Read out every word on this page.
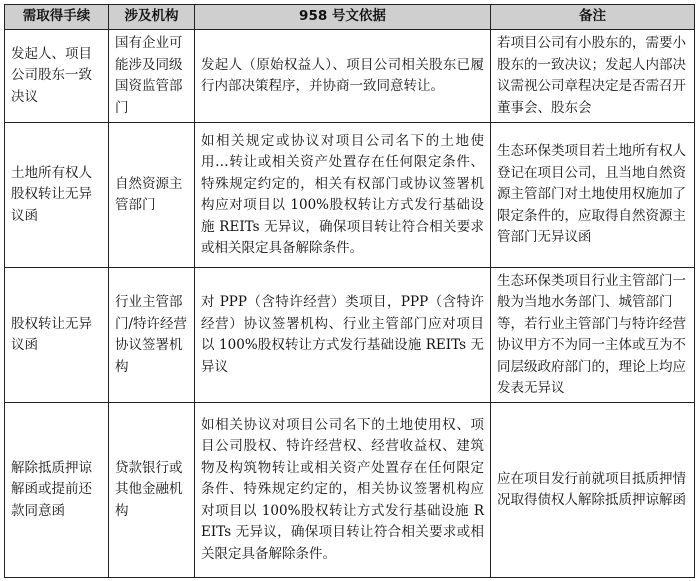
需取得手续	涉及机构	958 号文依据	备注
发起人、项目公司股东一致决议	国有企业可能涉及同级国资监管部门	发起人（原始权益人）、项目公司相关股东已履行内部决策程序，并协商一致同意转让。	若项目公司有小股东的，需要小股东的一致决议；发起人内部决议需视公司章程决定是否需召开董事会、股东会
土地所有权人股权转让无异议函	自然资源主管部门	如相关规定或协议对项目公司名下的土地使用…转让或相关资产处置存在任何限定条件、特殊规定约定的，相关有权部门或协议签署机构应对项目以 100%股权转让方式发行基础设施 REITs 无异议，确保项目转让符合相关要求或相关限定具备解除条件。	生态环保类项目若土地所有权人登记在项目公司，且当地自然资源主管部门对土地使用权施加了限定条件的，应取得自然资源主管部门无异议函
股权转让无异议函	行业主管部门/特许经营协议签署机构	对 PPP（含特许经营）类项目，PPP（含特许经营）协议签署机构、行业主管部门应对项目以 100%股权转让方式发行基础设施 REITs 无异议	生态环保类项目行业主管部门一般为当地水务部门、城管部门等，若行业主管部门与特许经营协议甲方不为同一主体或互为不同层级政府部门的，理论上均应发表无异议
解除抵质押谅解函或提前还款同意函	贷款银行或其他金融机构	如相关协议对项目公司名下的土地使用权、项目公司股权、特许经营权、经营收益权、建筑物及构筑物转让或相关资产处置存在任何限定条件、特殊规定约定的，相关协议签署机构应对项目以 100%股权转让方式发行基础设施 REITs 无异议，确保项目转让符合相关要求或相关限定具备解除条件。	应在项目发行前就项目抵质押情况取得债权人解除抵质押谅解函
